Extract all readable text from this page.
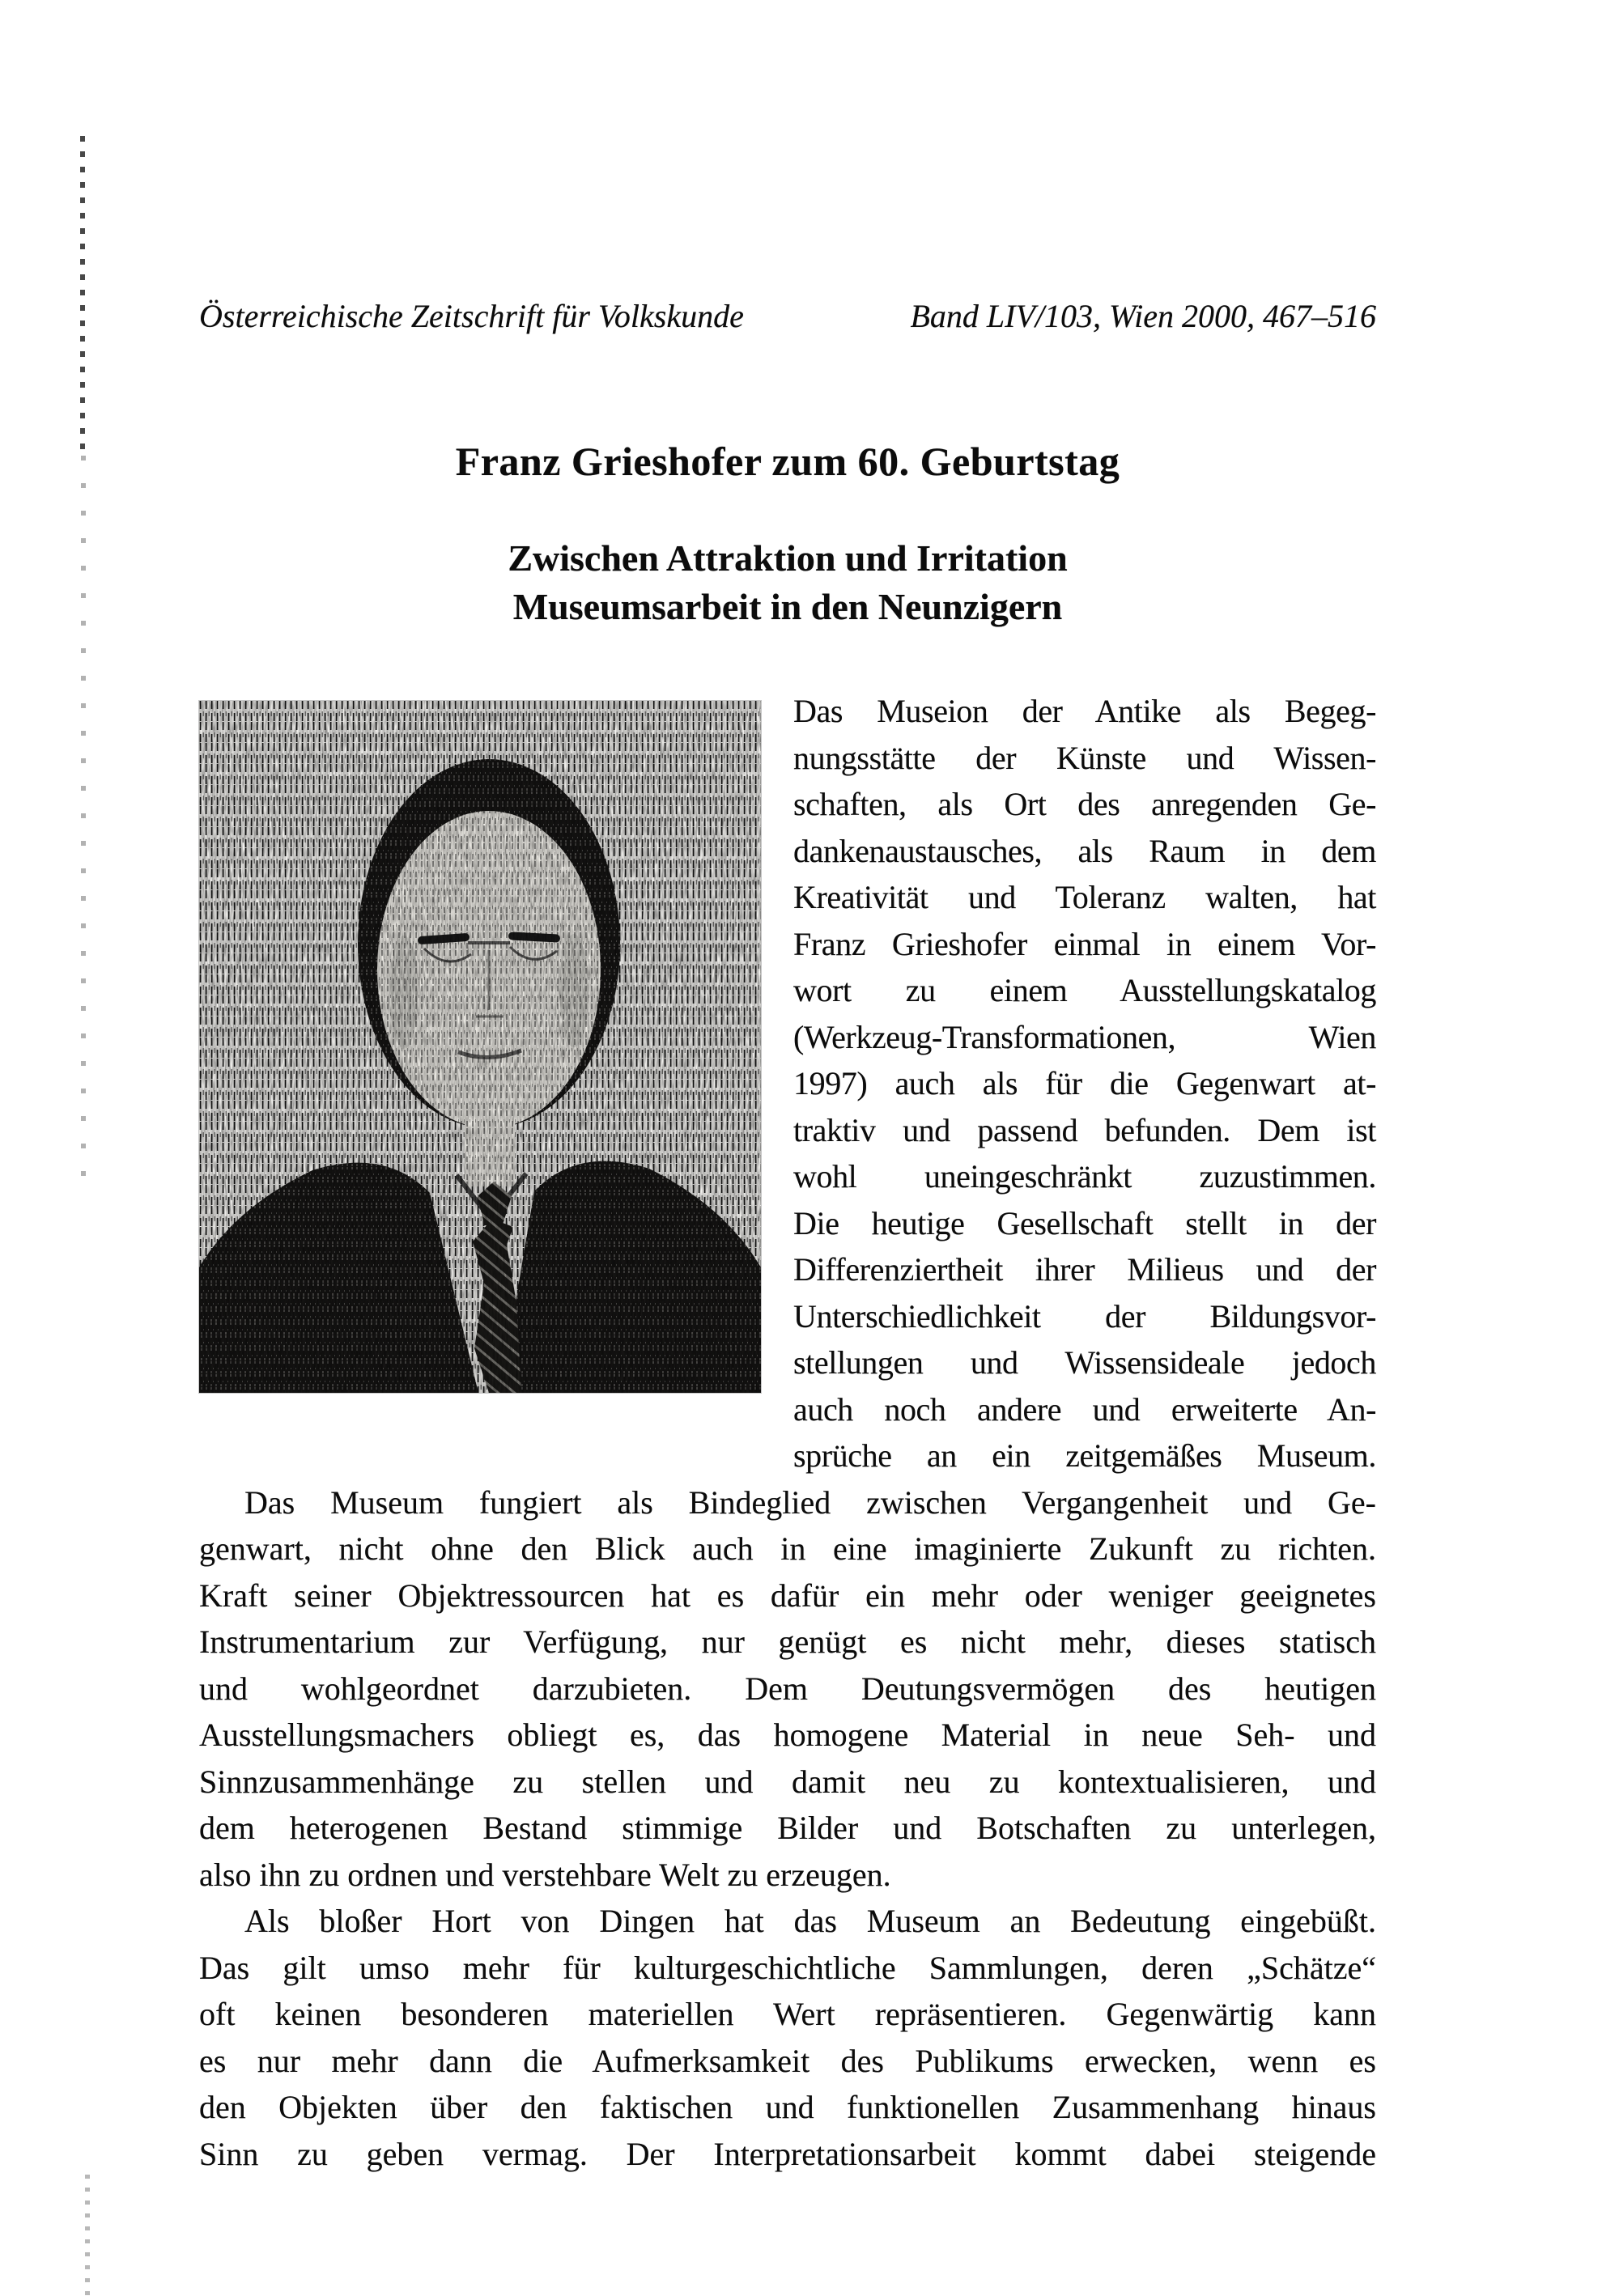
Österreichische Zeitschrift für Volkskunde	Band LIV/103, Wien 2000, 467–516
Franz Grieshofer zum 60. Geburtstag
Zwischen Attraktion und Irritation
Museumsarbeit in den Neunzigern
Das Museion der Antike als Begeg-
nungsstätte der Künste und Wissen-
schaften, als Ort des anregenden Ge-
dankenaustausches, als Raum in dem
Kreativität und Toleranz walten, hat
Franz Grieshofer einmal in einem Vor-
wort zu einem Ausstellungskatalog
(Werkzeug-Transformationen, Wien
1997) auch als für die Gegenwart at-
traktiv und passend befunden. Dem ist
wohl uneingeschränkt zuzustimmen.
Die heutige Gesellschaft stellt in der
Differenziertheit ihrer Milieus und der
Unterschiedlichkeit der Bildungsvor-
stellungen und Wissensideale jedoch
auch noch andere und erweiterte An-
sprüche an ein zeitgemäßes Museum.
Das Museum fungiert als Bindeglied zwischen Vergangenheit und Ge-
genwart, nicht ohne den Blick auch in eine imaginierte Zukunft zu richten.
Kraft seiner Objektressourcen hat es dafür ein mehr oder weniger geeignetes
Instrumentarium zur Verfügung, nur genügt es nicht mehr, dieses statisch
und wohlgeordnet darzubieten. Dem Deutungsvermögen des heutigen
Ausstellungsmachers obliegt es, das homogene Material in neue Seh- und
Sinnzusammenhänge zu stellen und damit neu zu kontextualisieren, und
dem heterogenen Bestand stimmige Bilder und Botschaften zu unterlegen,
also ihn zu ordnen und verstehbare Welt zu erzeugen.
Als bloßer Hort von Dingen hat das Museum an Bedeutung eingebüßt.
Das gilt umso mehr für kulturgeschichtliche Sammlungen, deren „Schätze“
oft keinen besonderen materiellen Wert repräsentieren. Gegenwärtig kann
es nur mehr dann die Aufmerksamkeit des Publikums erwecken, wenn es
den Objekten über den faktischen und funktionellen Zusammenhang hinaus
Sinn zu geben vermag. Der Interpretationsarbeit kommt dabei steigende
